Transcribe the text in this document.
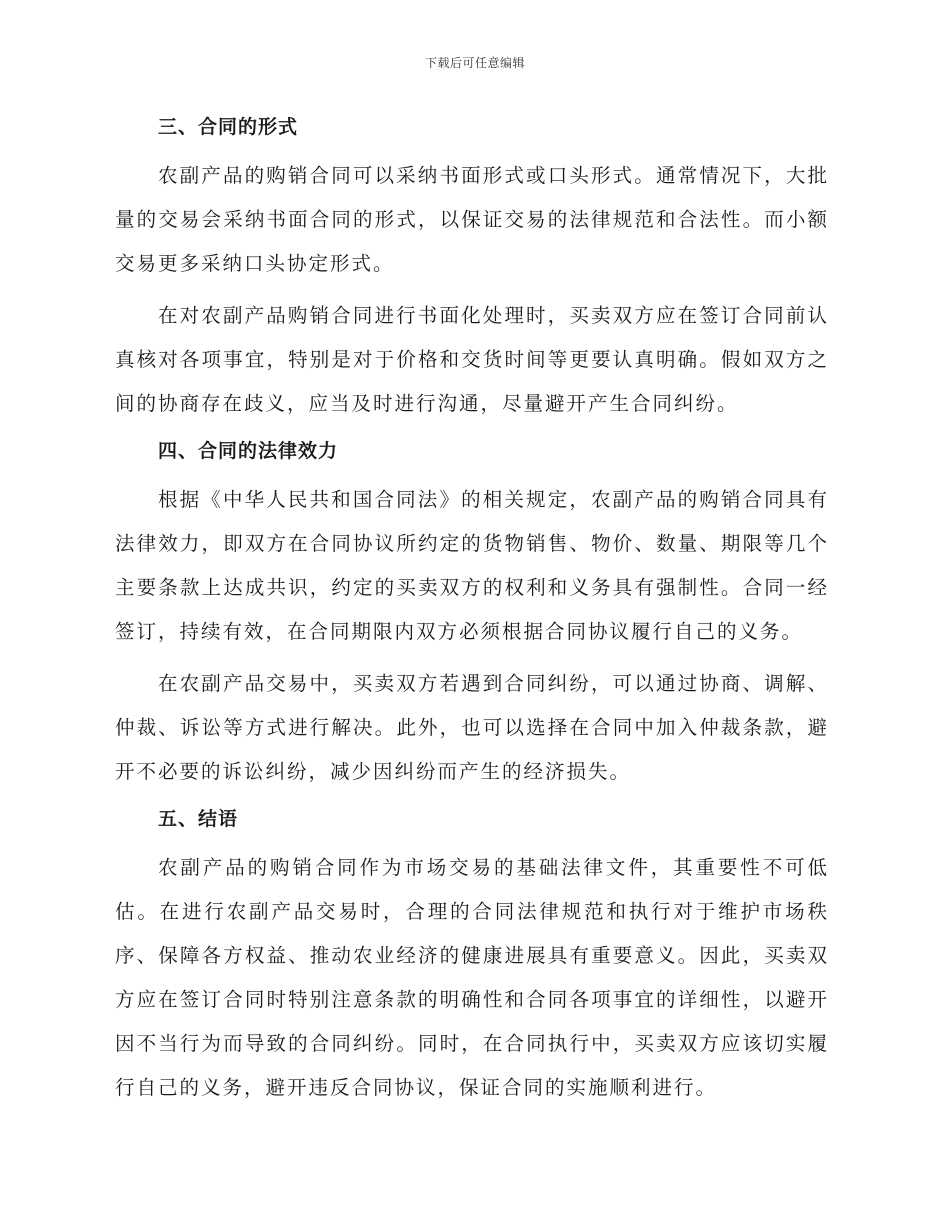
下载后可任意编辑
三、合同的形式

农副产品的购销合同可以采纳书面形式或口头形式。通常情况下，大批量的交易会采纳书面合同的形式，以保证交易的法律规范和合法性。而小额交易更多采纳口头协定形式。

在对农副产品购销合同进行书面化处理时，买卖双方应在签订合同前认真核对各项事宜，特别是对于价格和交货时间等更要认真明确。假如双方之间的协商存在歧义，应当及时进行沟通，尽量避开产生合同纠纷。

四、合同的法律效力

根据《中华人民共和国合同法》的相关规定，农副产品的购销合同具有法律效力，即双方在合同协议所约定的货物销售、物价、数量、期限等几个主要条款上达成共识，约定的买卖双方的权利和义务具有强制性。合同一经签订，持续有效，在合同期限内双方必须根据合同协议履行自己的义务。

在农副产品交易中，买卖双方若遇到合同纠纷，可以通过协商、调解、仲裁、诉讼等方式进行解决。此外，也可以选择在合同中加入仲裁条款，避开不必要的诉讼纠纷，减少因纠纷而产生的经济损失。

五、结语

农副产品的购销合同作为市场交易的基础法律文件，其重要性不可低估。在进行农副产品交易时，合理的合同法律规范和执行对于维护市场秩序、保障各方权益、推动农业经济的健康进展具有重要意义。因此，买卖双方应在签订合同时特别注意条款的明确性和合同各项事宜的详细性，以避开因不当行为而导致的合同纠纷。同时，在合同执行中，买卖双方应该切实履行自己的义务，避开违反合同协议，保证合同的实施顺利进行。
